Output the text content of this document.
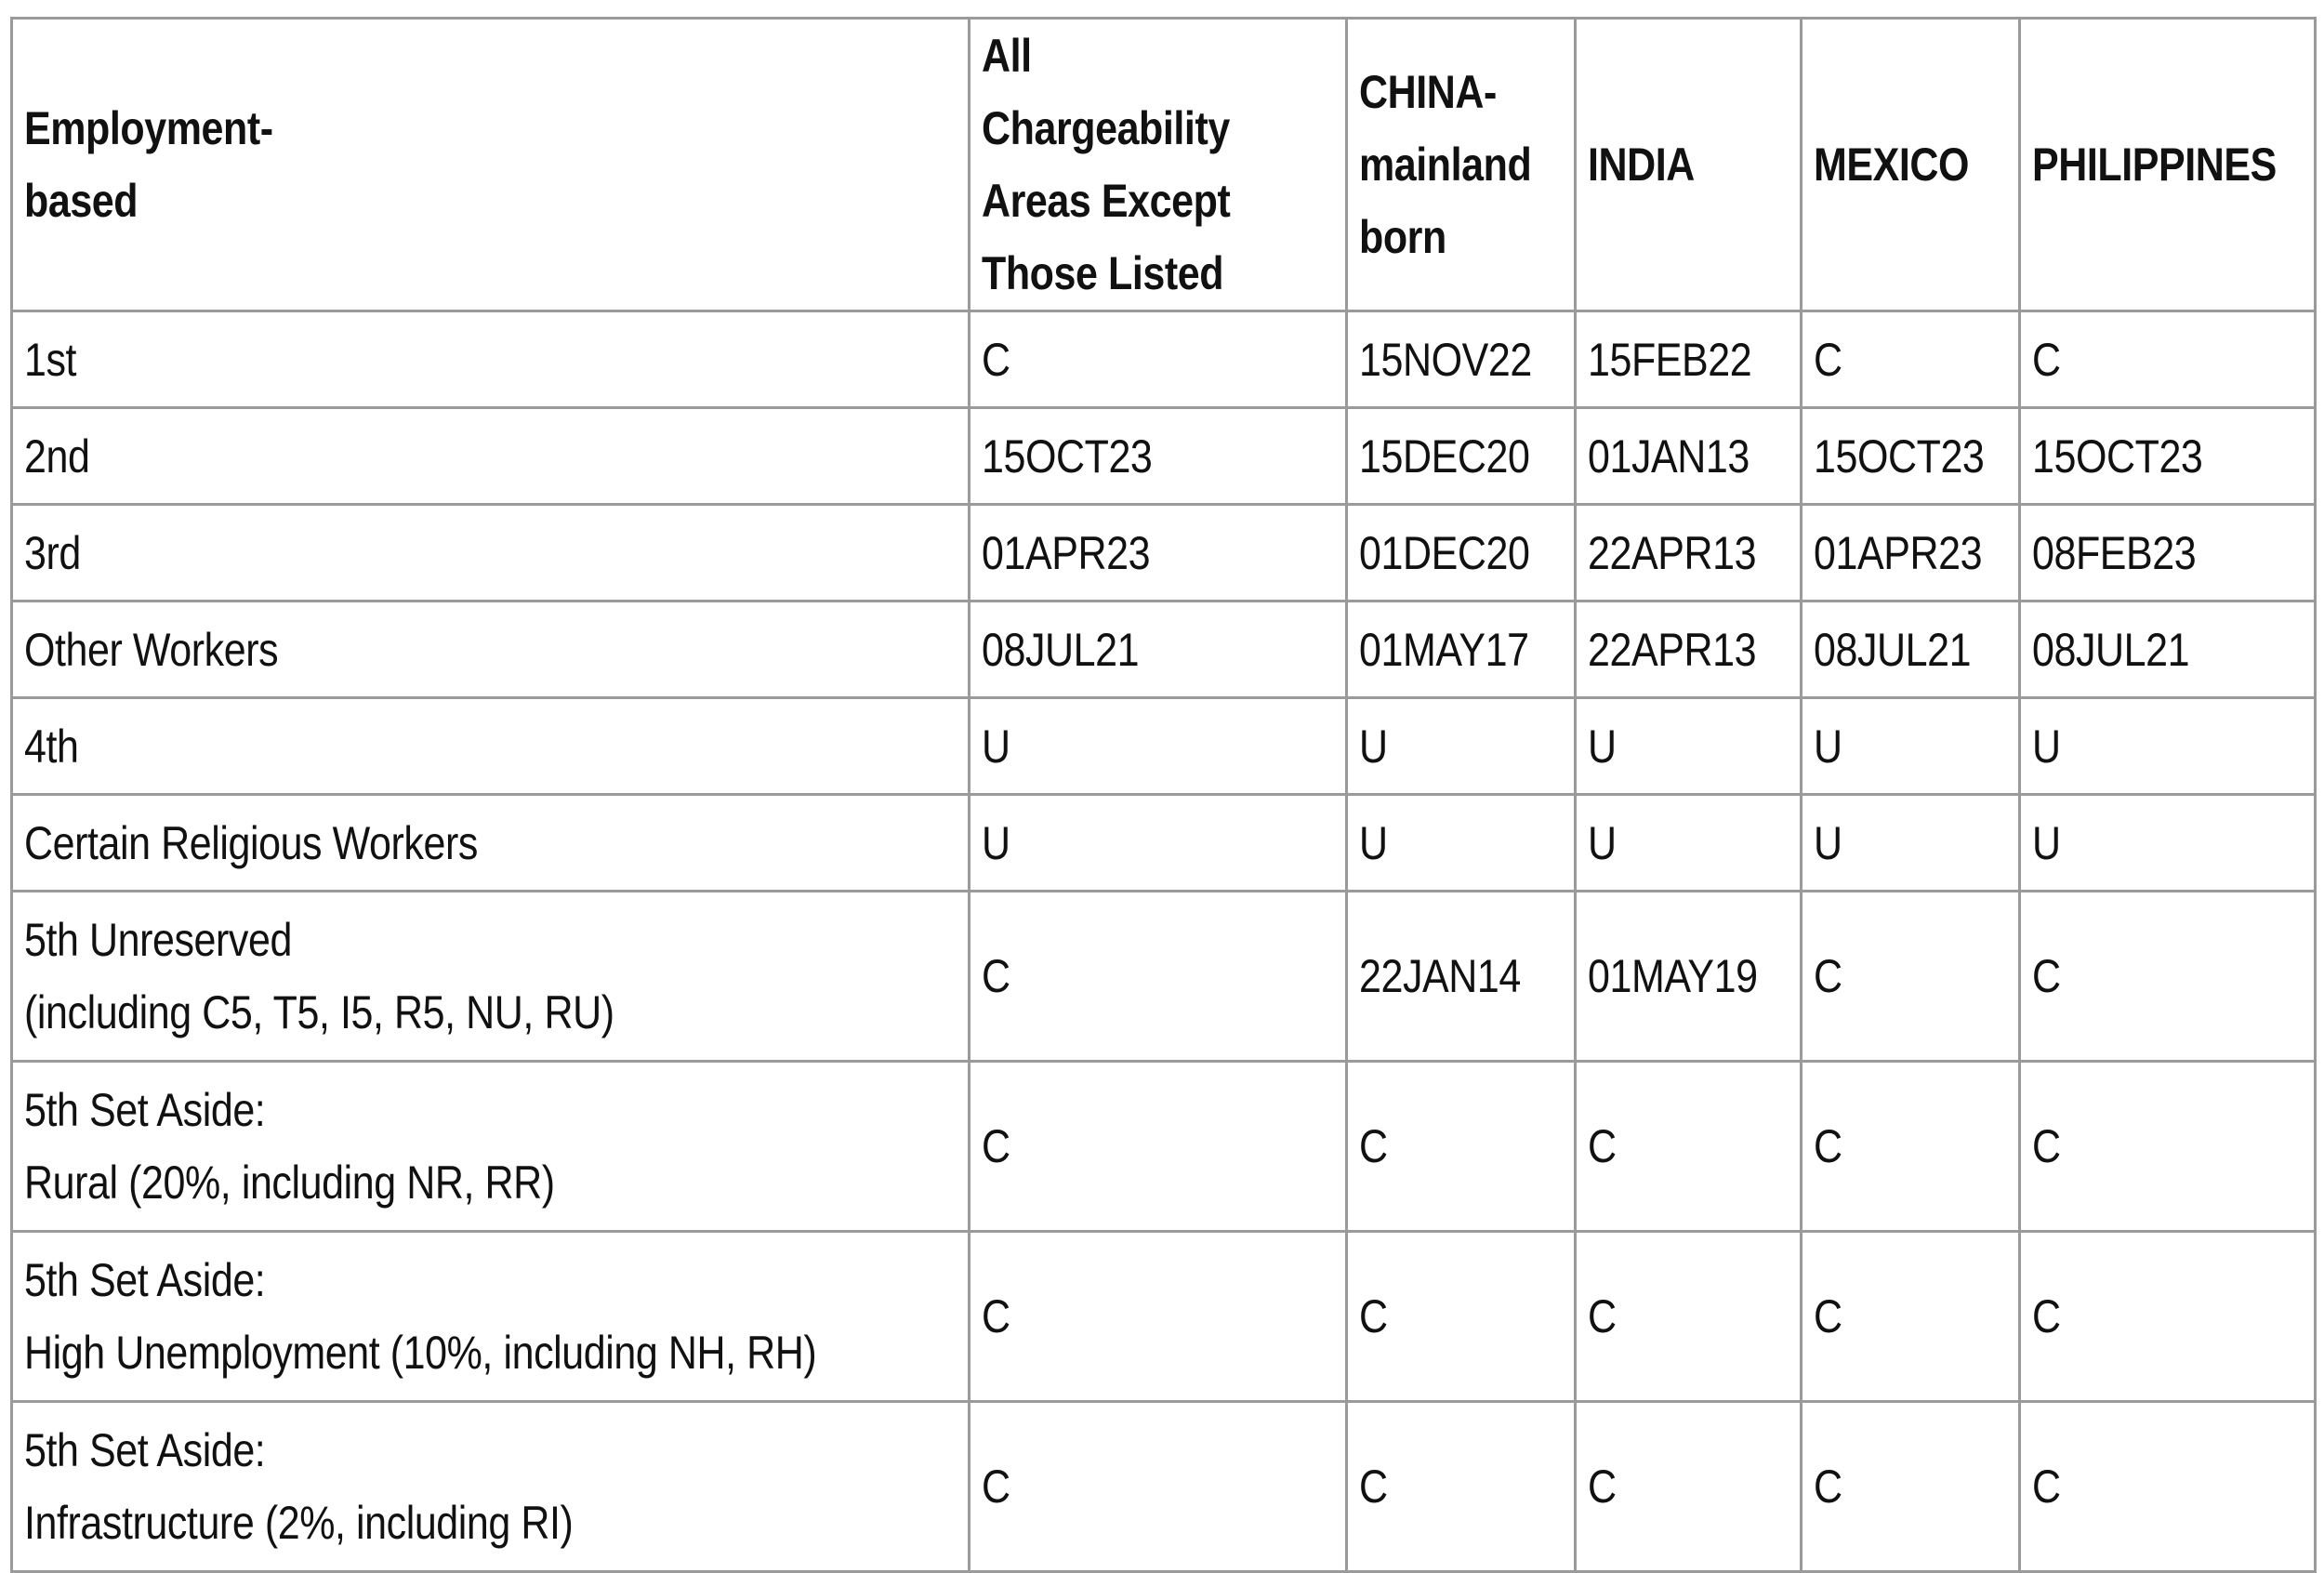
Employment-
based	All Chargeability
Areas Except
Those Listed	CHINA-
mainland
born	INDIA	MEXICO	PHILIPPINES
1st	C	15NOV22	15FEB22	C	C
2nd	15OCT23	15DEC20	01JAN13	15OCT23	15OCT23
3rd	01APR23	01DEC20	22APR13	01APR23	08FEB23
Other Workers	08JUL21	01MAY17	22APR13	08JUL21	08JUL21
4th	U	U	U	U	U
Certain Religious Workers	U	U	U	U	U
5th Unreserved
(including C5, T5, I5, R5, NU, RU)	C	22JAN14	01MAY19	C	C
5th Set Aside:
Rural (20%, including NR, RR)	C	C	C	C	C
5th Set Aside:
High Unemployment (10%, including NH, RH)	C	C	C	C	C
5th Set Aside:
Infrastructure (2%, including RI)	C	C	C	C	C
